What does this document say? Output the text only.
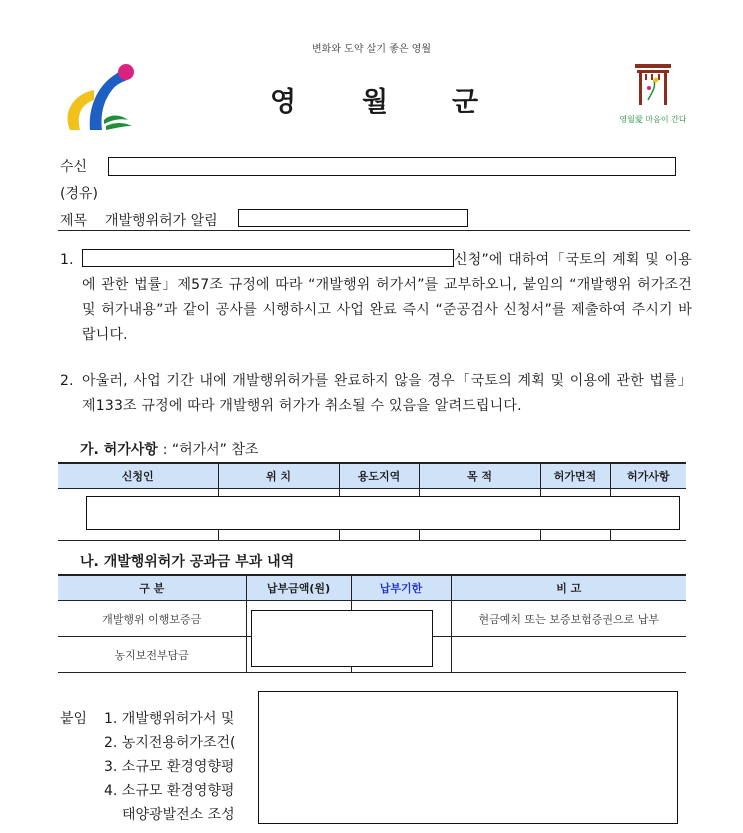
변화와 도약 살기 좋은 영월
영 월 군
영월愛 마음이 간다
수신
(경유)
제목 개발행위허가 알림
1.	신청”에 대하여「국토의 계획 및 이용에 관한 법률」제57조 규정에 따라 “개발행위 허가서”를 교부하오니, 붙임의 “개발행위 허가조건 및 허가내용”과 같이 공사를 시행하시고 사업 완료 즉시 “준공검사 신청서”를 제출하여 주시기 바랍니다.
2. 아울러, 사업 기간 내에 개발행위허가를 완료하지 않을 경우「국토의 계획 및 이용에 관한 법률」제133조 규정에 따라 개발행위 허가가 취소될 수 있음을 알려드립니다.
가. 허가사항 : “허가서” 참조
신청인	위 치	용도지역	목 적	허가면적	허가사항

나. 개발행위허가 공과금 부과 내역
구 분	납부금액(원)	납부기한	비 고
개발행위 이행보증금			현금예치 또는 보증보험증권으로 납부
농지보전부담금			
붙임 1. 개발행위허가서 및
2. 농지전용허가조건(
3. 소규모 환경영향평
4. 소규모 환경영향평
태양광발전소 조성
